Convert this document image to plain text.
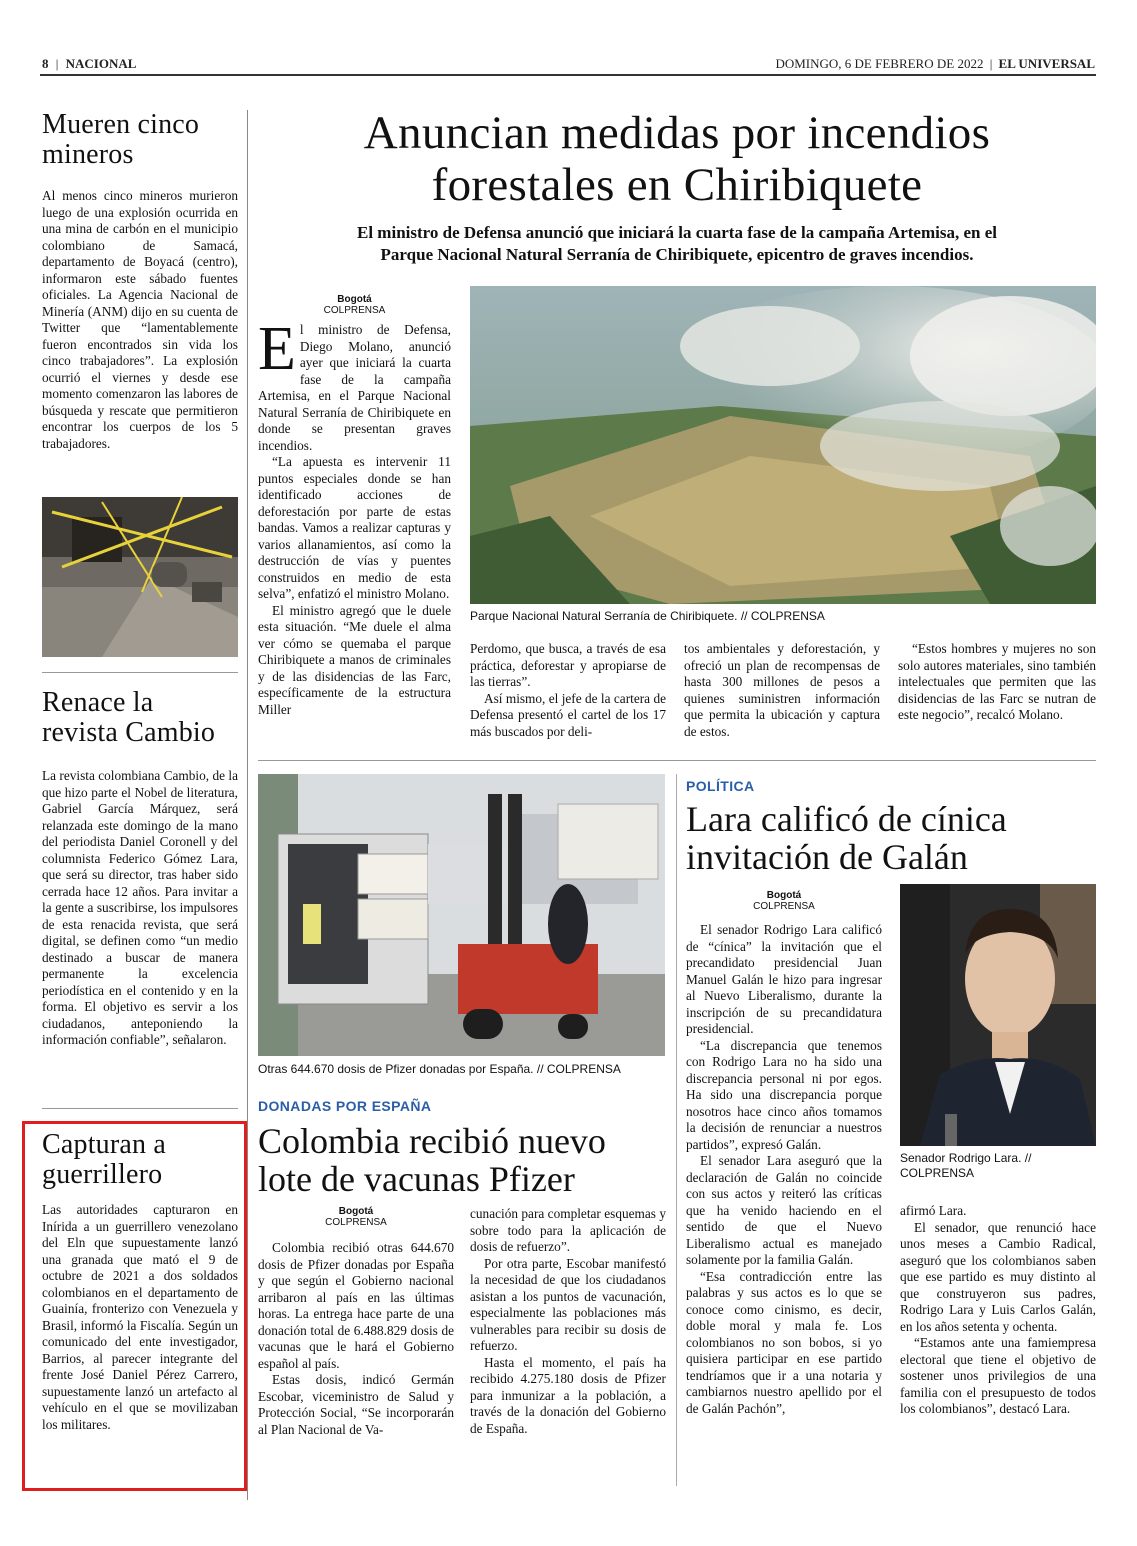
8 | NACIONAL	DOMINGO, 6 DE FEBRERO DE 2022 | EL UNIVERSAL
Mueren cinco mineros

Al menos cinco mineros murieron luego de una explosión ocurrida en una mina de carbón en el municipio colombiano de Samacá, departamento de Boyacá (centro), informaron este sábado fuentes oficiales. La Agencia Nacional de Minería (ANM) dijo en su cuenta de Twitter que “lamentablemente fueron encontrados sin vida los cinco trabajadores”. La explosión ocurrió el viernes y desde ese momento comenzaron las labores de búsqueda y rescate que permitieron encontrar los cuerpos de los 5 trabajadores.

Renace la revista Cambio

La revista colombiana Cambio, de la que hizo parte el Nobel de literatura, Gabriel García Márquez, será relanzada este domingo de la mano del periodista Daniel Coronell y del columnista Federico Gómez Lara, que será su director, tras haber sido cerrada hace 12 años. Para invitar a la gente a suscribirse, los impulsores de esta renacida revista, que será digital, se definen como “un medio destinado a buscar de manera permanente la excelencia periodística en el contenido y en la forma. El objetivo es servir a los ciudadanos, anteponiendo la información confiable”, señalaron.

Capturan a guerrillero

Las autoridades capturaron en Inírida a un guerrillero venezolano del Eln que supuestamente lanzó una granada que mató el 9 de octubre de 2021 a dos soldados colombianos en el departamento de Guainía, fronterizo con Venezuela y Brasil, informó la Fiscalía. Según un comunicado del ente investigador, Barrios, al parecer integrante del frente José Daniel Pérez Carrero, supuestamente lanzó un artefacto al vehículo en el que se movilizaban los militares.

Anuncian medidas por incendios
forestales en Chiribiquete
El ministro de Defensa anunció que iniciará la cuarta fase de la campaña Artemisa, en el
Parque Nacional Natural Serranía de Chiribiquete, epicentro de graves incendios.
Bogotá
COLPRENSA

El ministro de Defensa, Diego Molano, anunció ayer que iniciará la cuarta fase de la campaña Artemisa, en el Parque Nacional Natural Serranía de Chiribiquete en donde se presentan graves incendios.

“La apuesta es intervenir 11 puntos especiales donde se han identificado acciones de deforestación por parte de estas bandas. Vamos a realizar capturas y varios allanamientos, así como la destrucción de vías y puentes construidos en medio de esta selva”, enfatizó el ministro Molano.

El ministro agregó que le duele esta situación. “Me duele el alma ver cómo se quemaba el parque Chiribiquete a manos de criminales y de las disidencias de las Farc, específicamente de la estructura Miller

Parque Nacional Natural Serranía de Chiribiquete. // COLPRENSA

Perdomo, que busca, a través de esa práctica, deforestar y apropiarse de las tierras”.

Así mismo, el jefe de la cartera de Defensa presentó el cartel de los 17 más buscados por deli-

tos ambientales y deforestación, y ofreció un plan de recompensas de hasta 300 millones de pesos a quienes suministren información que permita la ubicación y captura de estos.

“Estos hombres y mujeres no son solo autores materiales, sino también intelectuales que permiten que las disidencias de las Farc se nutran de este negocio”, recalcó Molano.

Otras 644.670 dosis de Pfizer donadas por España. // COLPRENSA
DONADAS POR ESPAÑA
Colombia recibió nuevo
lote de vacunas Pfizer
Bogotá
COLPRENSA

Colombia recibió otras 644.670 dosis de Pfizer donadas por España y que según el Gobierno nacional arribaron al país en las últimas horas. La entrega hace parte de una donación total de 6.488.829 dosis de vacunas que le hará el Gobierno español al país.

Estas dosis, indicó Germán Escobar, viceministro de Salud y Protección Social, “Se incorporarán al Plan Nacional de Va-

cunación para completar esquemas y sobre todo para la aplicación de dosis de refuerzo”.

Por otra parte, Escobar manifestó la necesidad de que los ciudadanos asistan a los puntos de vacunación, especialmente las poblaciones más vulnerables para recibir su dosis de refuerzo.

Hasta el momento, el país ha recibido 4.275.180 dosis de Pfizer para inmunizar a la población, a través de la donación del Gobierno de España.

POLÍTICA
Lara calificó de cínica
invitación de Galán
Bogotá
COLPRENSA

El senador Rodrigo Lara calificó de “cínica” la invitación que el precandidato presidencial Juan Manuel Galán le hizo para ingresar al Nuevo Liberalismo, durante la inscripción de su precandidatura presidencial.

“La discrepancia que tenemos con Rodrigo Lara no ha sido una discrepancia personal ni por egos. Ha sido una discrepancia porque nosotros hace cinco años tomamos la decisión de renunciar a nuestros partidos”, expresó Galán.

El senador Lara aseguró que la declaración de Galán no coincide con sus actos y reiteró las críticas que ha venido haciendo en el sentido de que el Nuevo Liberalismo actual es manejado solamente por la familia Galán.

“Esa contradicción entre las palabras y sus actos es lo que se conoce como cinismo, es decir, doble moral y mala fe. Los colombianos no son bobos, si yo quisiera participar en ese partido tendríamos que ir a una notaria y cambiarnos nuestro apellido por el de Galán Pachón”,

Senador Rodrigo Lara. // COLPRENSA

afirmó Lara.

El senador, que renunció hace unos meses a Cambio Radical, aseguró que los colombianos saben que ese partido es muy distinto al que construyeron sus padres, Rodrigo Lara y Luis Carlos Galán, en los años setenta y ochenta.

“Estamos ante una famiempresa electoral que tiene el objetivo de sostener unos privilegios de una familia con el presupuesto de todos los colombianos”, destacó Lara.
